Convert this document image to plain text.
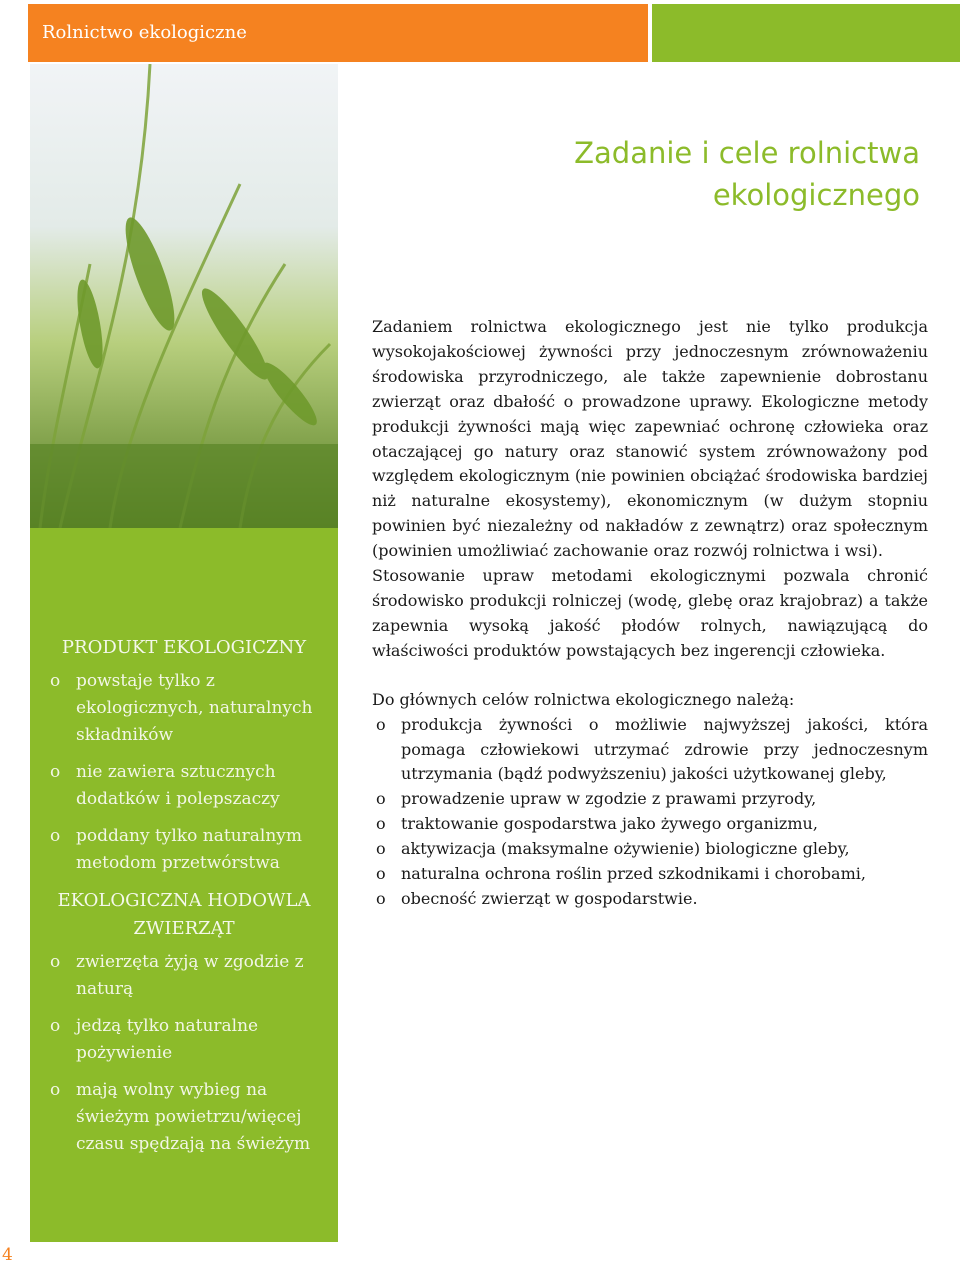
Rolnictwo ekologiczne

PRODUKT EKOLOGICZNY

o powstaje tylko z ekologicznych, naturalnych składników
o nie zawiera sztucznych dodatków i polepszaczy
o poddany tylko naturalnym metodom przetwórstwa

EKOLOGICZNA HODOWLA ZWIERZĄT

o zwierzęta żyją w zgodzie z naturą
o jedzą tylko naturalne pożywienie
o mają wolny wybieg na świeżym powietrzu/więcej czasu spędzają na świeżym
Zadanie i cele rolnictwa ekologicznego

Zadaniem rolnictwa ekologicznego jest nie tylko produkcja wysokojakościowej żywności przy jednoczesnym zrównoważeniu środowiska przyrodniczego, ale także zapewnienie dobrostanu zwierząt oraz dbałość o prowadzone uprawy. Ekologiczne metody produkcji żywności mają więc zapewniać ochronę człowieka oraz otaczającej go natury oraz stanowić system zrównoważony pod względem ekologicznym (nie powinien obciążać środowiska bardziej niż naturalne ekosystemy), ekonomicznym (w dużym stopniu powinien być niezależny od nakładów z zewnątrz) oraz społecznym (powinien umożliwiać zachowanie oraz rozwój rolnictwa i wsi).

Stosowanie upraw metodami ekologicznymi pozwala chronić środowisko produkcji rolniczej (wodę, glebę oraz krajobraz) a także zapewnia wysoką jakość płodów rolnych, nawiązującą do właściwości produktów powstających bez ingerencji człowieka.

Do głównych celów rolnictwa ekologicznego należą:

o produkcja żywności o możliwie najwyższej jakości, która pomaga człowiekowi utrzymać zdrowie przy jednoczesnym utrzymania (bądź podwyższeniu) jakości użytkowanej gleby,
o prowadzenie upraw w zgodzie z prawami przyrody,
o traktowanie gospodarstwa jako żywego organizmu,
o aktywizacja (maksymalne ożywienie) biologiczne gleby,
o naturalna ochrona roślin przed szkodnikami i chorobami,
o obecność zwierząt w gospodarstwie.
4
